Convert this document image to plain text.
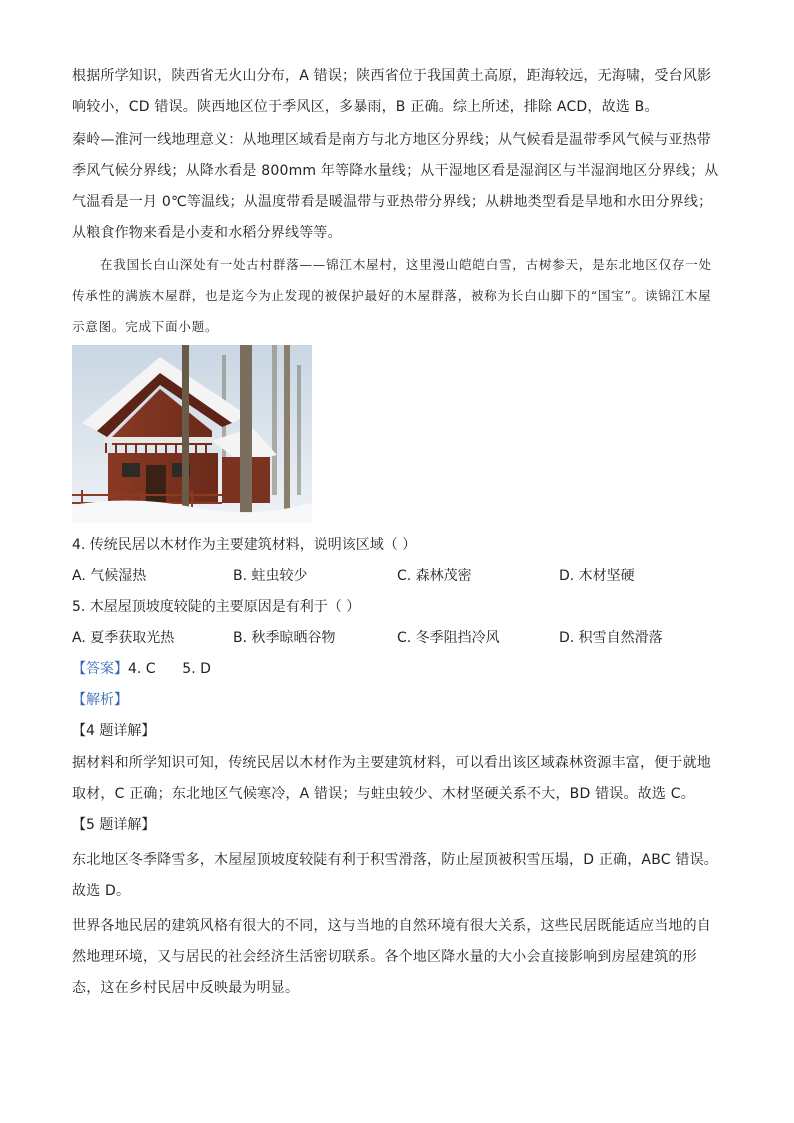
根据所学知识，陕西省无火山分布，A 错误；陕西省位于我国黄土高原，距海较远，无海啸，受台风影响较小，CD 错误。陕西地区位于季风区，多暴雨，B 正确。综上所述，排除 ACD，故选 B。

秦岭—淮河一线地理意义：从地理区域看是南方与北方地区分界线；从气候看是温带季风气候与亚热带季风气候分界线；从降水看是 800mm 年等降水量线；从干湿地区看是湿润区与半湿润地区分界线；从气温看是一月 0℃等温线；从温度带看是暖温带与亚热带分界线；从耕地类型看是旱地和水田分界线；从粮食作物来看是小麦和水稻分界线等等。

在我国长白山深处有一处古村群落——锦江木屋村，这里漫山皑皑白雪，古树参天，是东北地区仅存一处传承性的满族木屋群，也是迄今为止发现的被保护最好的木屋群落，被称为长白山脚下的“国宝”。读锦江木屋示意图。完成下面小题。

4. 传统民居以木材作为主要建筑材料，说明该区域（ ）
A. 气候湿热	B. 蛀虫较少	C. 森林茂密	D. 木材坚硬
5. 木屋屋顶坡度较陡的主要原因是有利于（ ）
A. 夏季获取光热	B. 秋季晾晒谷物	C. 冬季阻挡冷风	D. 积雪自然滑落
【答案】4. C      5. D
【解析】
【4 题详解】

据材料和所学知识可知，传统民居以木材作为主要建筑材料，可以看出该区域森林资源丰富，便于就地取材，C 正确；东北地区气候寒冷，A 错误；与蛀虫较少、木材坚硬关系不大，BD 错误。故选 C。

【5 题详解】

东北地区冬季降雪多，木屋屋顶坡度较陡有利于积雪滑落，防止屋顶被积雪压塌，D 正确，ABC 错误。故选 D。

世界各地民居的建筑风格有很大的不同，这与当地的自然环境有很大关系，这些民居既能适应当地的自然地理环境，又与居民的社会经济生活密切联系。各个地区降水量的大小会直接影响到房屋建筑的形态，这在乡村民居中反映最为明显。
